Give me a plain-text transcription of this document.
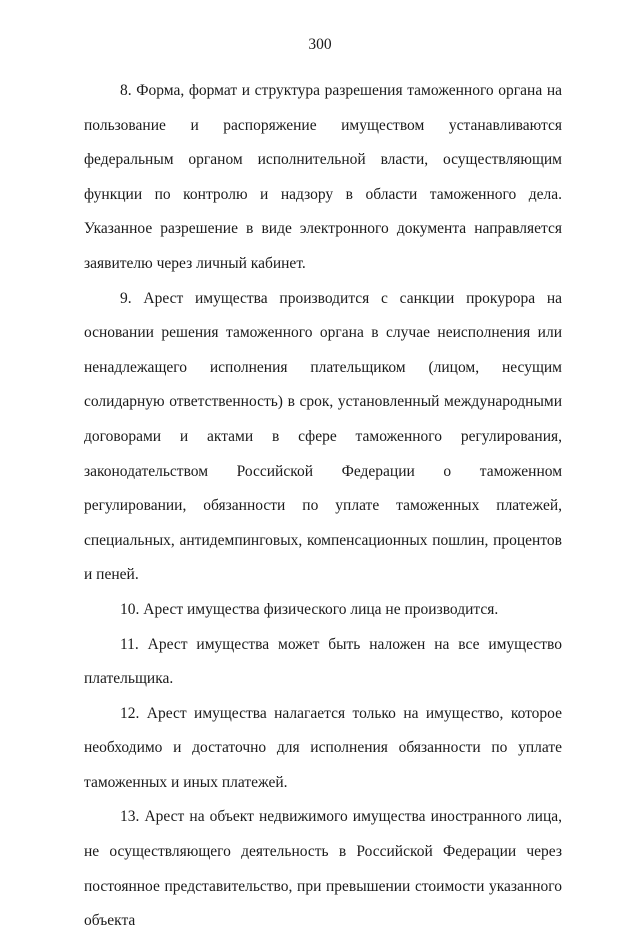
300

8. Форма, формат и структура разрешения таможенного органа на пользование и распоряжение имуществом устанавливаются федеральным органом исполнительной власти, осуществляющим функции по контролю и надзору в области таможенного дела. Указанное разрешение в виде электронного документа направляется заявителю через личный кабинет.

9. Арест имущества производится с санкции прокурора на основании решения таможенного органа в случае неисполнения или ненадлежащего исполнения плательщиком (лицом, несущим солидарную ответственность) в срок, установленный международными договорами и актами в сфере таможенного регулирования, законодательством Российской Федерации о таможенном регулировании, обязанности по уплате таможенных платежей, специальных, антидемпинговых, компенсационных пошлин, процентов и пеней.

10. Арест имущества физического лица не производится.

11. Арест имущества может быть наложен на все имущество плательщика.

12. Арест имущества налагается только на имущество, которое необходимо и достаточно для исполнения обязанности по уплате таможенных и иных платежей.

13. Арест на объект недвижимого имущества иностранного лица, не осуществляющего деятельность в Российской Федерации через постоянное представительство, при превышении стоимости указанного объекта
